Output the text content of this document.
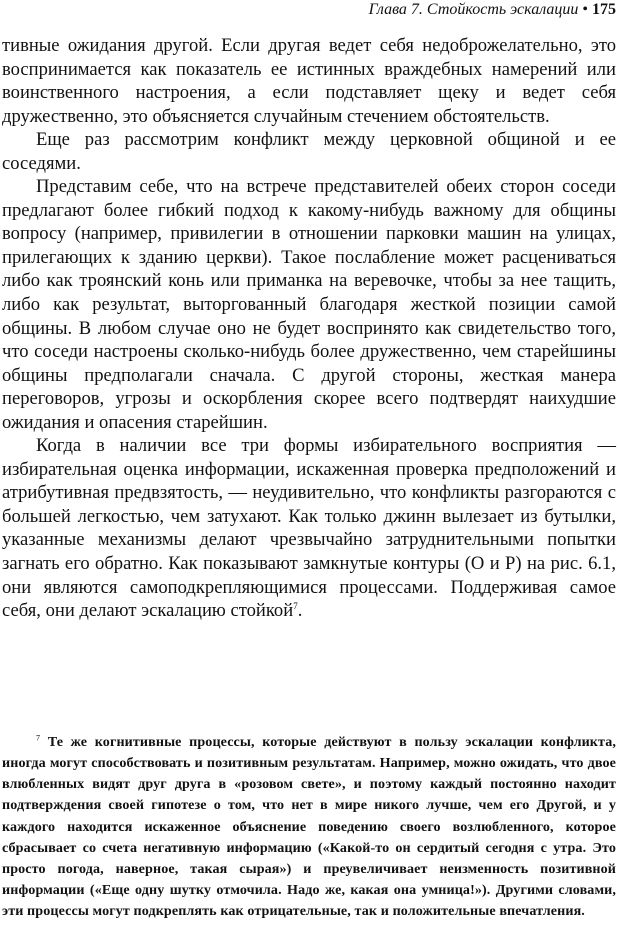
Глава 7. Стойкость эскалации • 175

тивные ожидания другой. Если другая ведет себя недоброжелательно, это воспринимается как показатель ее истинных враждебных намерений или воинственного настроения, а если подставляет щеку и ведет себя дружественно, это объясняется случайным стечением обстоятельств.

Еще раз рассмотрим конфликт между церковной общиной и ее соседями.

Представим себе, что на встрече представителей обеих сторон соседи предлагают более гибкий подход к какому-нибудь важному для общины вопросу (например, привилегии в отношении парковки машин на улицах, прилегающих к зданию церкви). Такое послабление может расцениваться либо как троянский конь или приманка на веревочке, чтобы за нее тащить, либо как результат, выторгованный благодаря жесткой позиции самой общины. В любом случае оно не будет воспринято как свидетельство того, что соседи настроены сколько-нибудь более дружественно, чем старейшины общины предполагали сначала. С другой стороны, жесткая манера переговоров, угрозы и оскорбления скорее всего подтвердят наихудшие ожидания и опасения старейшин.

Когда в наличии все три формы избирательного восприятия — избирательная оценка информации, искаженная проверка предположений и атрибутивная предвзятость, — неудивительно, что конфликты разгораются с большей легкостью, чем затухают. Как только джинн вылезает из бутылки, указанные механизмы делают чрезвычайно затруднительными попытки загнать его обратно. Как показывают замкнутые контуры (О и Р) на рис. 6.1, они являются самоподкрепляющимися процессами. Поддерживая самое себя, они делают эскалацию стойкой$^7$.

$^7$ Те же когнитивные процессы, которые действуют в пользу эскалации конфликта, иногда могут способствовать и позитивным результатам. Например, можно ожидать, что двое влюбленных видят друг друга в «розовом свете», и поэтому каждый постоянно находит подтверждения своей гипотезе о том, что нет в мире никого лучше, чем его Другой, и у каждого находится искаженное объяснение поведению своего возлюбленного, которое сбрасывает со счета негативную информацию («Какой-то он сердитый сегодня с утра. Это просто погода, наверное, такая сырая») и преувеличивает неизменность позитивной информации («Еще одну шутку отмочила. Надо же, какая она умница!»). Другими словами, эти процессы могут подкреплять как отрицательные, так и положительные впечатления.
